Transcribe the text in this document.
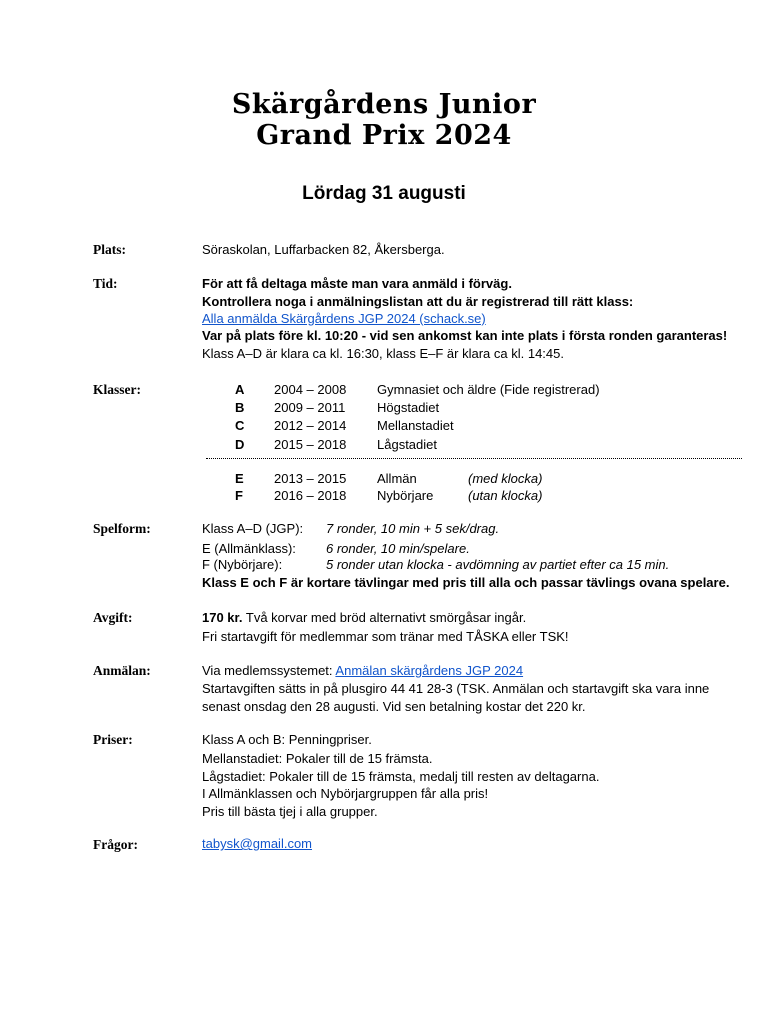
Skärgårdens Junior
Grand Prix 2024
Lördag 31 augusti
Plats:	Söraskolan, Luffarbacken 82, Åkersberga.
Tid:	För att få deltaga måste man vara anmäld i förväg.
Kontrollera noga i anmälningslistan att du är registrerad till rätt klass:
Alla anmälda Skärgårdens JGP 2024 (schack.se)
Var på plats före kl. 10:20 - vid sen ankomst kan inte plats i första ronden garanteras!
Klass A–D är klara ca kl. 16:30, klass E–F är klara ca kl. 14:45.
Klasser:	A 2004 – 2008 Gymnasiet och äldre (Fide registrerad)
B 2009 – 2011 Högstadiet
C 2012 – 2014 Mellanstadiet
D 2015 – 2018 Lågstadiet
E 2013 – 2015 Allmän	(med klocka)
F 2016 – 2018 Nybörjare	(utan klocka)
Spelform:	Klass A–D (JGP): 7 ronder, 10 min + 5 sek/drag.
E (Allmänklass): 6 ronder, 10 min/spelare.
F (Nybörjare):	5 ronder utan klocka - avdömning av partiet efter ca 15 min.
Klass E och F är kortare tävlingar med pris till alla och passar tävlings ovana spelare.
Avgift:	170 kr. Två korvar med bröd alternativt smörgåsar ingår.
Fri startavgift för medlemmar som tränar med TÅSKA eller TSK!
Anmälan:	Via medlemssystemet: Anmälan skärgårdens JGP 2024
Startavgiften sätts in på plusgiro 44 41 28-3 (TSK. Anmälan och startavgift ska vara inne
senast onsdag den 28 augusti. Vid sen betalning kostar det 220 kr.
Priser:	Klass A och B: Penningpriser.
Mellanstadiet: Pokaler till de 15 främsta.
Lågstadiet: Pokaler till de 15 främsta, medalj till resten av deltagarna.
I Allmänklassen och Nybörjargruppen får alla pris!
Pris till bästa tjej i alla grupper.
Frågor:	tabysk@gmail.com
